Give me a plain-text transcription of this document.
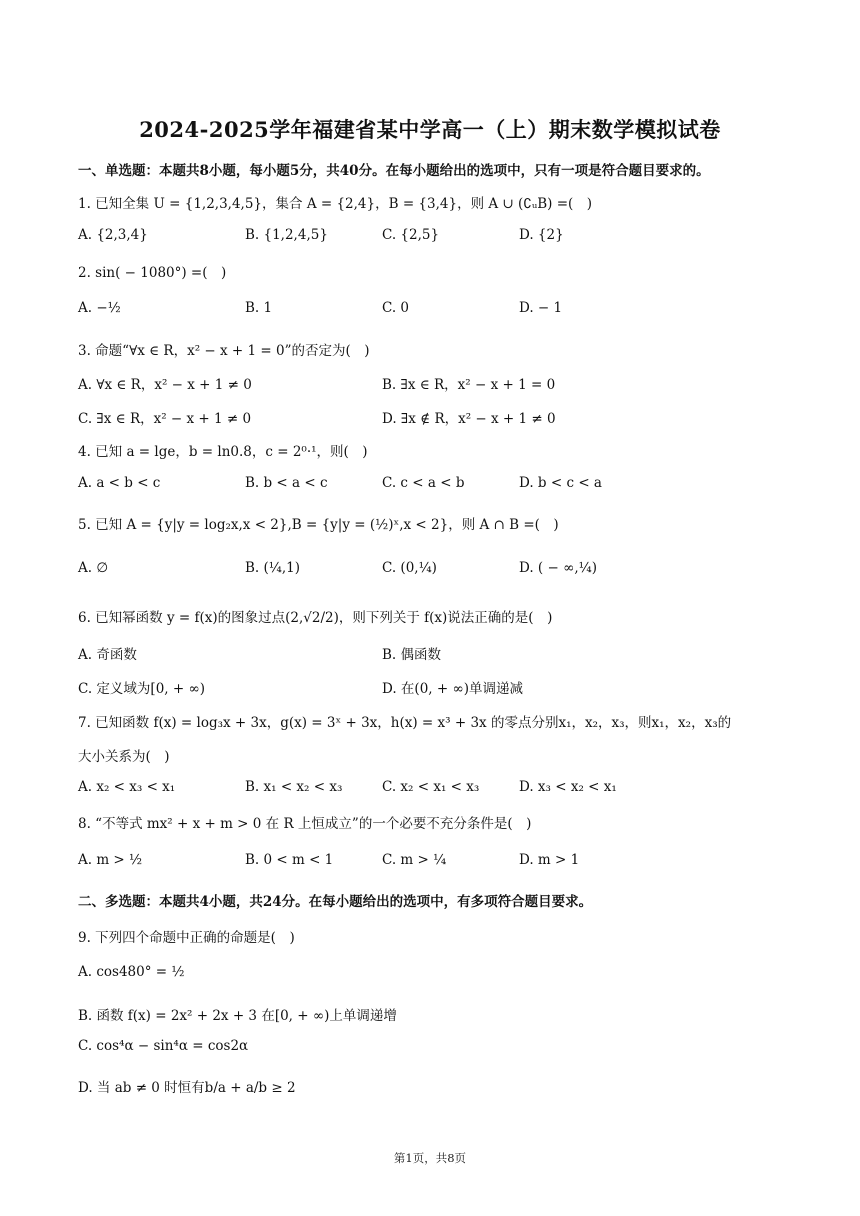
2024-2025学年福建省某中学高一（上）期末数学模拟试卷
一、单选题：本题共8小题，每小题5分，共40分。在每小题给出的选项中，只有一项是符合题目要求的。
1. 已知全集 U = {1,2,3,4,5}，集合 A = {2,4}，B = {3,4}，则 A ∪ (∁ᵤB) =(　)
A. {2,3,4}	B. {1,2,4,5}	C. {2,5}	D. {2}
2. sin( − 1080°) =(　)
A. −½	B. 1	C. 0	D. − 1
3. 命题“∀x ∈ R，x² − x + 1 = 0”的否定为(　)
A. ∀x ∈ R，x² − x + 1 ≠ 0	B. ∃x ∈ R，x² − x + 1 = 0
C. ∃x ∈ R，x² − x + 1 ≠ 0	D. ∃x ∉ R，x² − x + 1 ≠ 0
4. 已知 a = lge，b = ln0.8，c = 2⁰·¹，则(　)
A. a < b < c	B. b < a < c	C. c < a < b	D. b < c < a
5. 已知 A = {y|y = log₂x,x < 2},B = {y|y = (½)ˣ,x < 2}，则 A ∩ B =(　)
A. ∅	B. (¼,1)	C. (0,¼)	D. ( − ∞,¼)
6. 已知幂函数 y = f(x)的图象过点(2,√2/2)，则下列关于 f(x)说法正确的是(　)
A. 奇函数	B. 偶函数
C. 定义域为[0, + ∞)	D. 在(0, + ∞)单调递减
7. 已知函数 f(x) = log₃x + 3x，g(x) = 3ˣ + 3x，h(x) = x³ + 3x 的零点分别x₁，x₂，x₃，则x₁，x₂，x₃的
大小关系为(　)
A. x₂ < x₃ < x₁	B. x₁ < x₂ < x₃	C. x₂ < x₁ < x₃	D. x₃ < x₂ < x₁
8. “不等式 mx² + x + m > 0 在 R 上恒成立”的一个必要不充分条件是(　)
A. m > ½	B. 0 < m < 1	C. m > ¼	D. m > 1
二、多选题：本题共4小题，共24分。在每小题给出的选项中，有多项符合题目要求。
9. 下列四个命题中正确的命题是(　)
A. cos480° = ½
B. 函数 f(x) = 2x² + 2x + 3 在[0, + ∞)上单调递增
C. cos⁴α − sin⁴α = cos2α
D. 当 ab ≠ 0 时恒有b/a + a/b ≥ 2
第1页，共8页
